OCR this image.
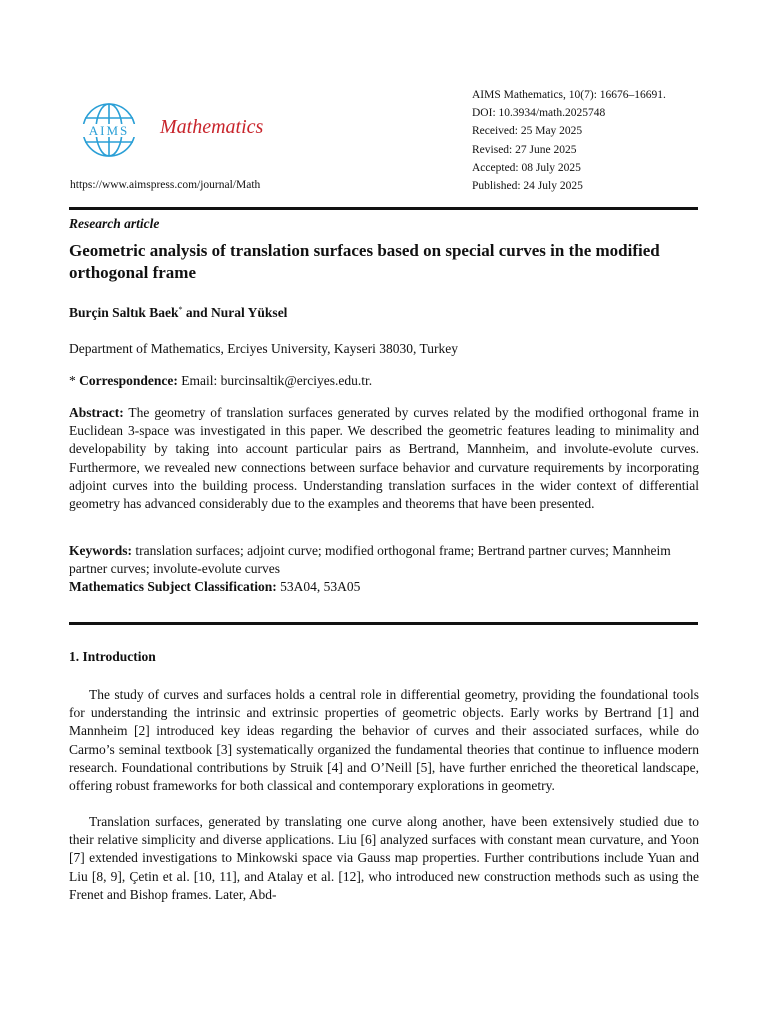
AIMS Mathematics
https://www.aimspress.com/journal/Math
AIMS Mathematics, 10(7): 16676–16691.
DOI: 10.3934/math.2025748
Received: 25 May 2025
Revised: 27 June 2025
Accepted: 08 July 2025
Published: 24 July 2025
Research article
Geometric analysis of translation surfaces based on special curves in the modified orthogonal frame
Burçin Saltık Baek* and Nural Yüksel
Department of Mathematics, Erciyes University, Kayseri 38030, Turkey
* Correspondence: Email: burcinsaltik@erciyes.edu.tr.
Abstract: The geometry of translation surfaces generated by curves related by the modified orthogonal frame in Euclidean 3-space was investigated in this paper. We described the geometric features leading to minimality and developability by taking into account particular pairs as Bertrand, Mannheim, and involute-evolute curves. Furthermore, we revealed new connections between surface behavior and curvature requirements by incorporating adjoint curves into the building process. Understanding translation surfaces in the wider context of differential geometry has advanced considerably due to the examples and theorems that have been presented.
Keywords: translation surfaces; adjoint curve; modified orthogonal frame; Bertrand partner curves; Mannheim partner curves; involute-evolute curves
Mathematics Subject Classification: 53A04, 53A05
1. Introduction
The study of curves and surfaces holds a central role in differential geometry, providing the foundational tools for understanding the intrinsic and extrinsic properties of geometric objects. Early works by Bertrand [1] and Mannheim [2] introduced key ideas regarding the behavior of curves and their associated surfaces, while do Carmo’s seminal textbook [3] systematically organized the fundamental theories that continue to influence modern research. Foundational contributions by Struik [4] and O’Neill [5], have further enriched the theoretical landscape, offering robust frameworks for both classical and contemporary explorations in geometry.
Translation surfaces, generated by translating one curve along another, have been extensively studied due to their relative simplicity and diverse applications. Liu [6] analyzed surfaces with constant mean curvature, and Yoon [7] extended investigations to Minkowski space via Gauss map properties. Further contributions include Yuan and Liu [8, 9], Çetin et al. [10, 11], and Atalay et al. [12], who introduced new construction methods such as using the Frenet and Bishop frames. Later, Abd-
